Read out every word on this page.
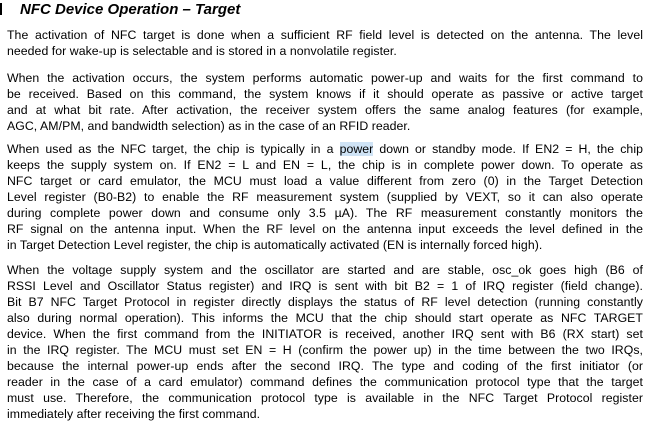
NFC Device Operation – Target

The activation of NFC target is done when a sufficient RF field level is detected on the antenna. The level
needed for wake-up is selectable and is stored in a nonvolatile register.

When the activation occurs, the system performs automatic power-up and waits for the first command to
be received. Based on this command, the system knows if it should operate as passive or active target
and at what bit rate. After activation, the receiver system offers the same analog features (for example,
AGC, AM/PM, and bandwidth selection) as in the case of an RFID reader.

When used as the NFC target, the chip is typically in a power down or standby mode. If EN2 = H, the chip
keeps the supply system on. If EN2 = L and EN = L, the chip is in complete power down. To operate as
NFC target or card emulator, the MCU must load a value different from zero (0) in the Target Detection
Level register (B0-B2) to enable the RF measurement system (supplied by VEXT, so it can also operate
during complete power down and consume only 3.5 µA). The RF measurement constantly monitors the
RF signal on the antenna input. When the RF level on the antenna input exceeds the level defined in the
in Target Detection Level register, the chip is automatically activated (EN is internally forced high).

When the voltage supply system and the oscillator are started and are stable, osc_ok goes high (B6 of
RSSI Level and Oscillator Status register) and IRQ is sent with bit B2 = 1 of IRQ register (field change).
Bit B7 NFC Target Protocol in register directly displays the status of RF level detection (running constantly
also during normal operation). This informs the MCU that the chip should start operate as NFC TARGET
device. When the first command from the INITIATOR is received, another IRQ sent with B6 (RX start) set
in the IRQ register. The MCU must set EN = H (confirm the power up) in the time between the two IRQs,
because the internal power-up ends after the second IRQ. The type and coding of the first initiator (or
reader in the case of a card emulator) command defines the communication protocol type that the target
must use. Therefore, the communication protocol type is available in the NFC Target Protocol register
immediately after receiving the first command.
